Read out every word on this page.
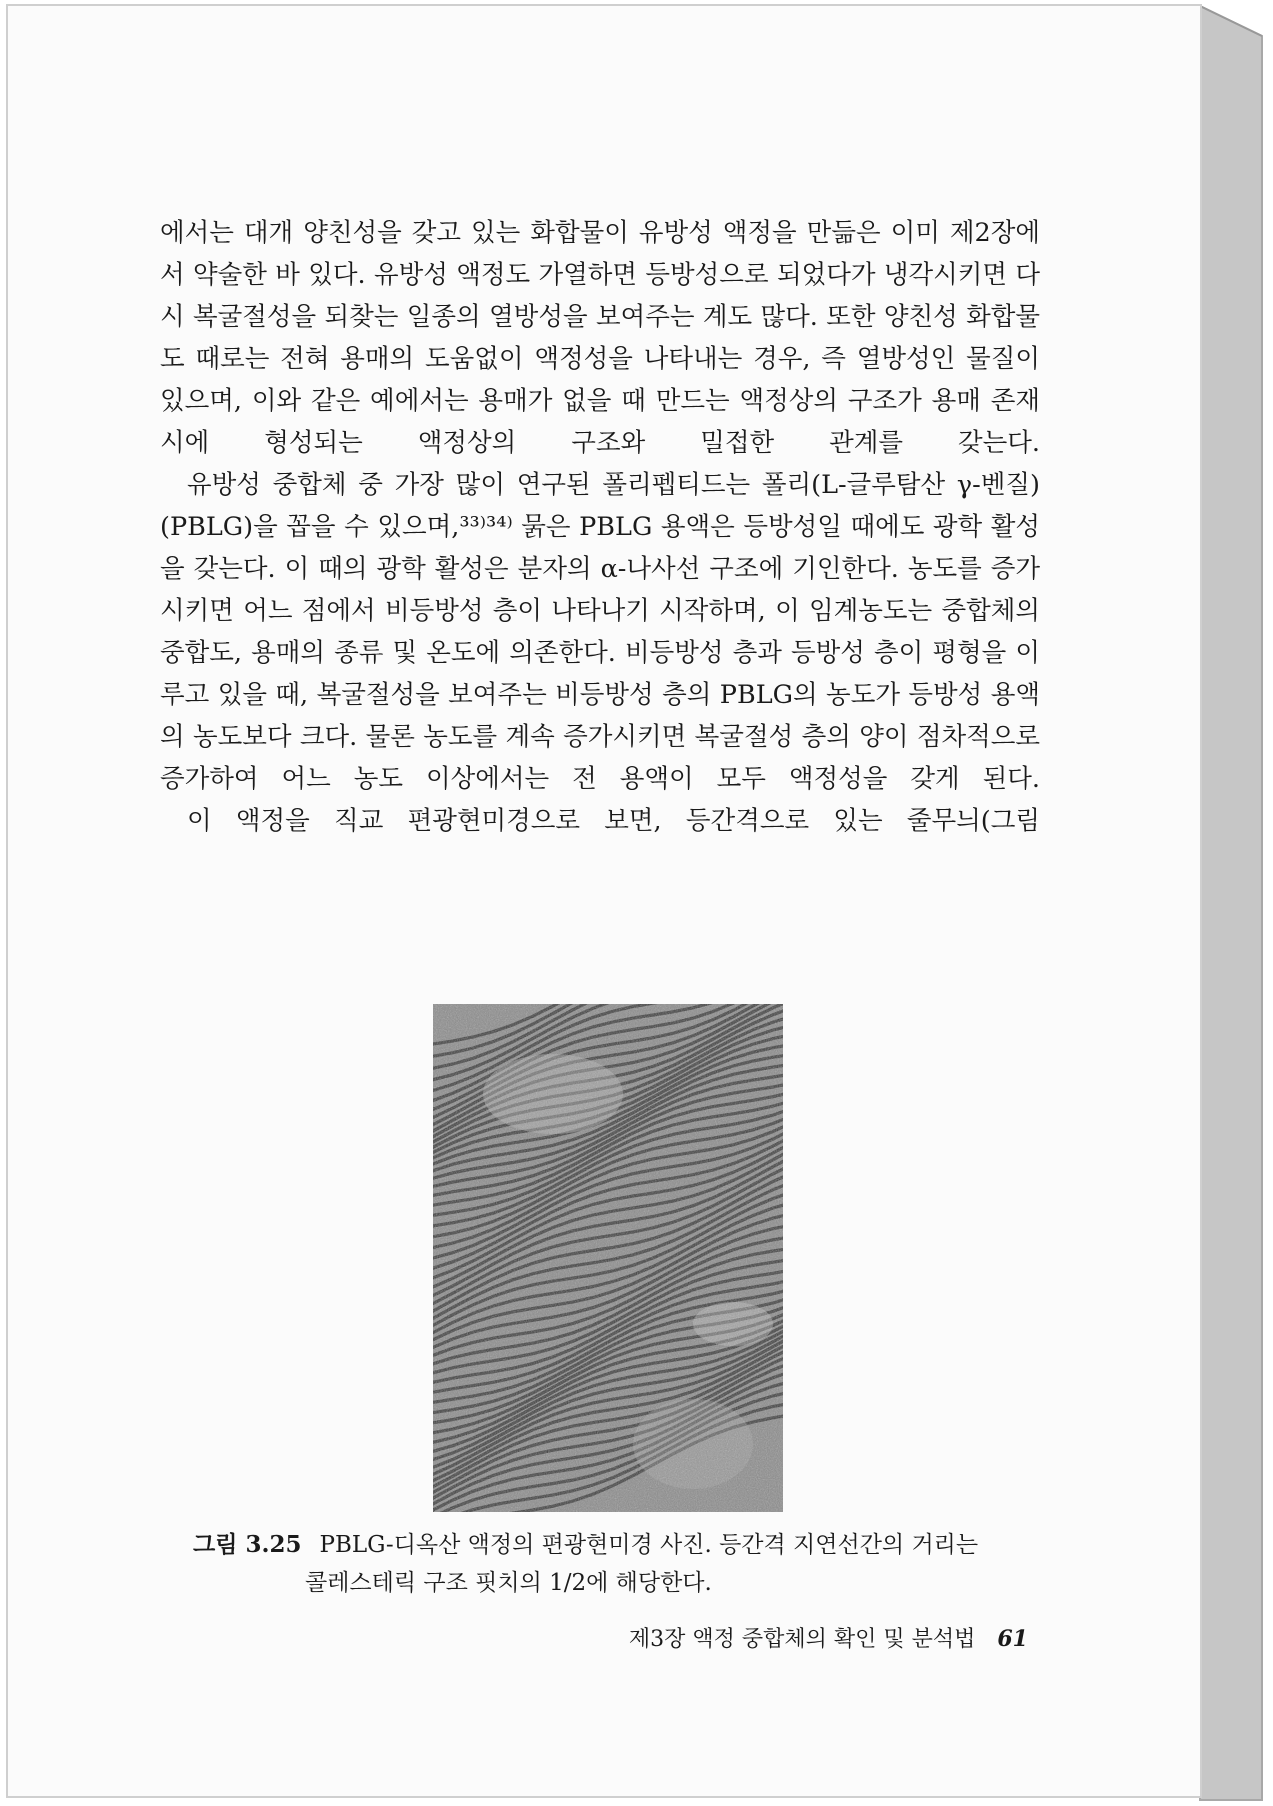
에서는 대개 양친성을 갖고 있는 화합물이 유방성 액정을 만듦은 이미 제2장에서 약술한 바 있다. 유방성 액정도 가열하면 등방성으로 되었다가 냉각시키면 다시 복굴절성을 되찾는 일종의 열방성을 보여주는 계도 많다. 또한 양친성 화합물도 때로는 전혀 용매의 도움없이 액정성을 나타내는 경우, 즉 열방성인 물질이 있으며, 이와 같은 예에서는 용매가 없을 때 만드는 액정상의 구조가 용매 존재시에 형성되는 액정상의 구조와 밀접한 관계를 갖는다.

유방성 중합체 중 가장 많이 연구된 폴리펩티드는 폴리(L-글루탐산 γ-벤질)(PBLG)을 꼽을 수 있으며,³³⁾³⁴⁾ 묽은 PBLG 용액은 등방성일 때에도 광학 활성을 갖는다. 이 때의 광학 활성은 분자의 α-나사선 구조에 기인한다. 농도를 증가시키면 어느 점에서 비등방성 층이 나타나기 시작하며, 이 임계농도는 중합체의 중합도, 용매의 종류 및 온도에 의존한다. 비등방성 층과 등방성 층이 평형을 이루고 있을 때, 복굴절성을 보여주는 비등방성 층의 PBLG의 농도가 등방성 용액의 농도보다 크다. 물론 농도를 계속 증가시키면 복굴절성 층의 양이 점차적으로 증가하여 어느 농도 이상에서는 전 용액이 모두 액정성을 갖게 된다.

이 액정을 직교 편광현미경으로 보면, 등간격으로 있는 줄무늬(그림

그림 3.25 PBLG-디옥산 액정의 편광현미경 사진. 등간격 지연선간의 거리는
콜레스테릭 구조 핏치의 1/2에 해당한다.
제3장 액정 중합체의 확인 및 분석법 61
